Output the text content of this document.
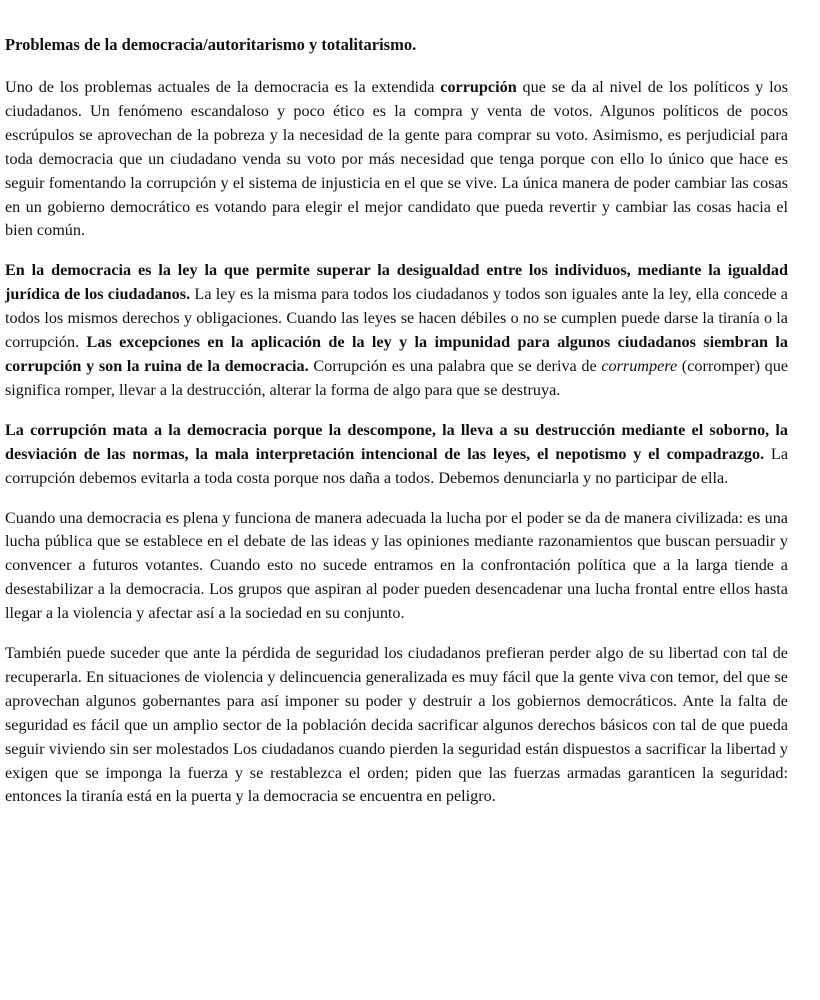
Problemas de la democracia/autoritarismo y totalitarismo.

Uno de los problemas actuales de la democracia es la extendida corrupción que se da al nivel de los políticos y los ciudadanos. Un fenómeno escandaloso y poco ético es la compra y venta de votos. Algunos políticos de pocos escrúpulos se aprovechan de la pobreza y la necesidad de la gente para comprar su voto. Asimismo, es perjudicial para toda democracia que un ciudadano venda su voto por más necesidad que tenga porque con ello lo único que hace es seguir fomentando la corrupción y el sistema de injusticia en el que se vive. La única manera de poder cambiar las cosas en un gobierno democrático es votando para elegir el mejor candidato que pueda revertir y cambiar las cosas hacia el bien común.

En la democracia es la ley la que permite superar la desigualdad entre los individuos, mediante la igualdad jurídica de los ciudadanos. La ley es la misma para todos los ciudadanos y todos son iguales ante la ley, ella concede a todos los mismos derechos y obligaciones. Cuando las leyes se hacen débiles o no se cumplen puede darse la tiranía o la corrupción. Las excepciones en la aplicación de la ley y la impunidad para algunos ciudadanos siembran la corrupción y son la ruina de la democracia. Corrupción es una palabra que se deriva de corrumpere (corromper) que significa romper, llevar a la destrucción, alterar la forma de algo para que se destruya.

La corrupción mata a la democracia porque la descompone, la lleva a su destrucción mediante el soborno, la desviación de las normas, la mala interpretación intencional de las leyes, el nepotismo y el compadrazgo. La corrupción debemos evitarla a toda costa porque nos daña a todos. Debemos denunciarla y no participar de ella.

Cuando una democracia es plena y funciona de manera adecuada la lucha por el poder se da de manera civilizada: es una lucha pública que se establece en el debate de las ideas y las opiniones mediante razonamientos que buscan persuadir y convencer a futuros votantes. Cuando esto no sucede entramos en la confrontación política que a la larga tiende a desestabilizar a la democracia. Los grupos que aspiran al poder pueden desencadenar una lucha frontal entre ellos hasta llegar a la violencia y afectar así a la sociedad en su conjunto.

También puede suceder que ante la pérdida de seguridad los ciudadanos prefieran perder algo de su libertad con tal de recuperarla. En situaciones de violencia y delincuencia generalizada es muy fácil que la gente viva con temor, del que se aprovechan algunos gobernantes para así imponer su poder y destruir a los gobiernos democráticos. Ante la falta de seguridad es fácil que un amplio sector de la población decida sacrificar algunos derechos básicos con tal de que pueda seguir viviendo sin ser molestados Los ciudadanos cuando pierden la seguridad están dispuestos a sacrificar la libertad y exigen que se imponga la fuerza y se restablezca el orden; piden que las fuerzas armadas garanticen la seguridad: entonces la tiranía está en la puerta y la democracia se encuentra en peligro.
